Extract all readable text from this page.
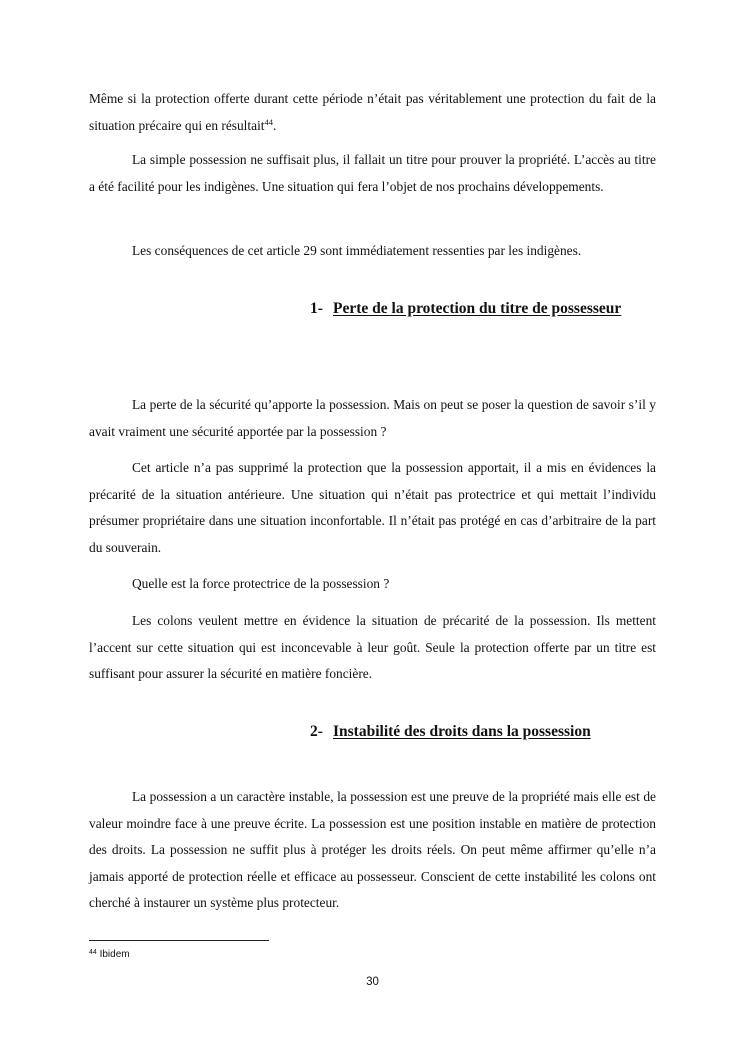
Même si la protection offerte durant cette période n’était pas véritablement une protection du fait de la situation précaire qui en résultait$^{44}$.

La simple possession ne suffisait plus, il fallait un titre pour prouver la propriété. L’accès au titre a été facilité pour les indigènes. Une situation qui fera l’objet de nos prochains développements.

Les conséquences de cet article 29 sont immédiatement ressenties par les indigènes.

1- Perte de la protection du titre de possesseur

La perte de la sécurité qu’apporte la possession. Mais on peut se poser la question de savoir s’il y avait vraiment une sécurité apportée par la possession ?

Cet article n’a pas supprimé la protection que la possession apportait, il a mis en évidences la précarité de la situation antérieure. Une situation qui n’était pas protectrice et qui mettait l’individu présumer propriétaire dans une situation inconfortable. Il n’était pas protégé en cas d’arbitraire de la part du souverain.

Quelle est la force protectrice de la possession ?

Les colons veulent mettre en évidence la situation de précarité de la possession. Ils mettent l’accent sur cette situation qui est inconcevable à leur goût. Seule la protection offerte par un titre est suffisant pour assurer la sécurité en matière foncière.

2- Instabilité des droits dans la possession

La possession a un caractère instable, la possession est une preuve de la propriété mais elle est de valeur moindre face à une preuve écrite. La possession est une position instable en matière de protection des droits. La possession ne suffit plus à protéger les droits réels. On peut même affirmer qu’elle n’a jamais apporté de protection réelle et efficace au possesseur. Conscient de cette instabilité les colons ont cherché à instaurer un système plus protecteur.

$^{44}$ Ibidem

30
